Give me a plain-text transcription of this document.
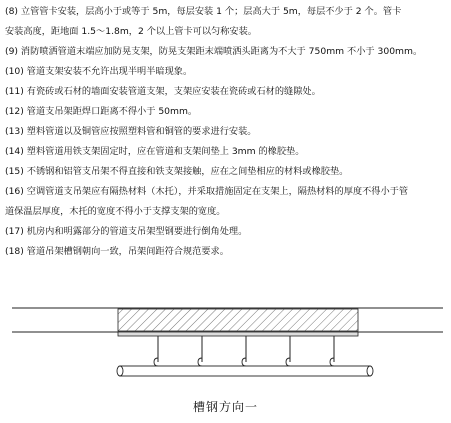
(8) 立管管卡安装，层高小于或等于 5m，每层安装 1 个；层高大于 5m，每层不少于 2 个。管卡

安装高度，距地面 1.5～1.8m，2 个以上管卡可以匀称安装。

(9) 消防喷洒管道末端应加防晃支架，防晃支架距末端喷洒头距离为不大于 750mm 不小于 300mm。

(10) 管道支架安装不允许出现半明半暗现象。

(11) 有瓷砖或石材的墙面安装管道支架，支架应安装在瓷砖或石材的缝隙处。

(12) 管道支吊架距焊口距离不得小于 50mm。

(13) 塑料管道以及铜管应按照塑料管和铜管的要求进行安装。

(14) 塑料管道用铁支架固定时，应在管道和支架间垫上 3mm 的橡胶垫。

(15) 不锈钢和铝管支吊架不得直接和铁支架接触，应在之间垫相应的材料或橡胶垫。

(16) 空调管道支吊架应有隔热材料（木托），并采取措施固定在支架上，隔热材料的厚度不得小于管

道保温层厚度，木托的宽度不得小于支撑支架的宽度。

(17) 机房内和明露部分的管道支吊架型钢要进行倒角处理。

(18) 管道吊架槽钢朝向一致，吊架间距符合规范要求。

槽钢方向一
